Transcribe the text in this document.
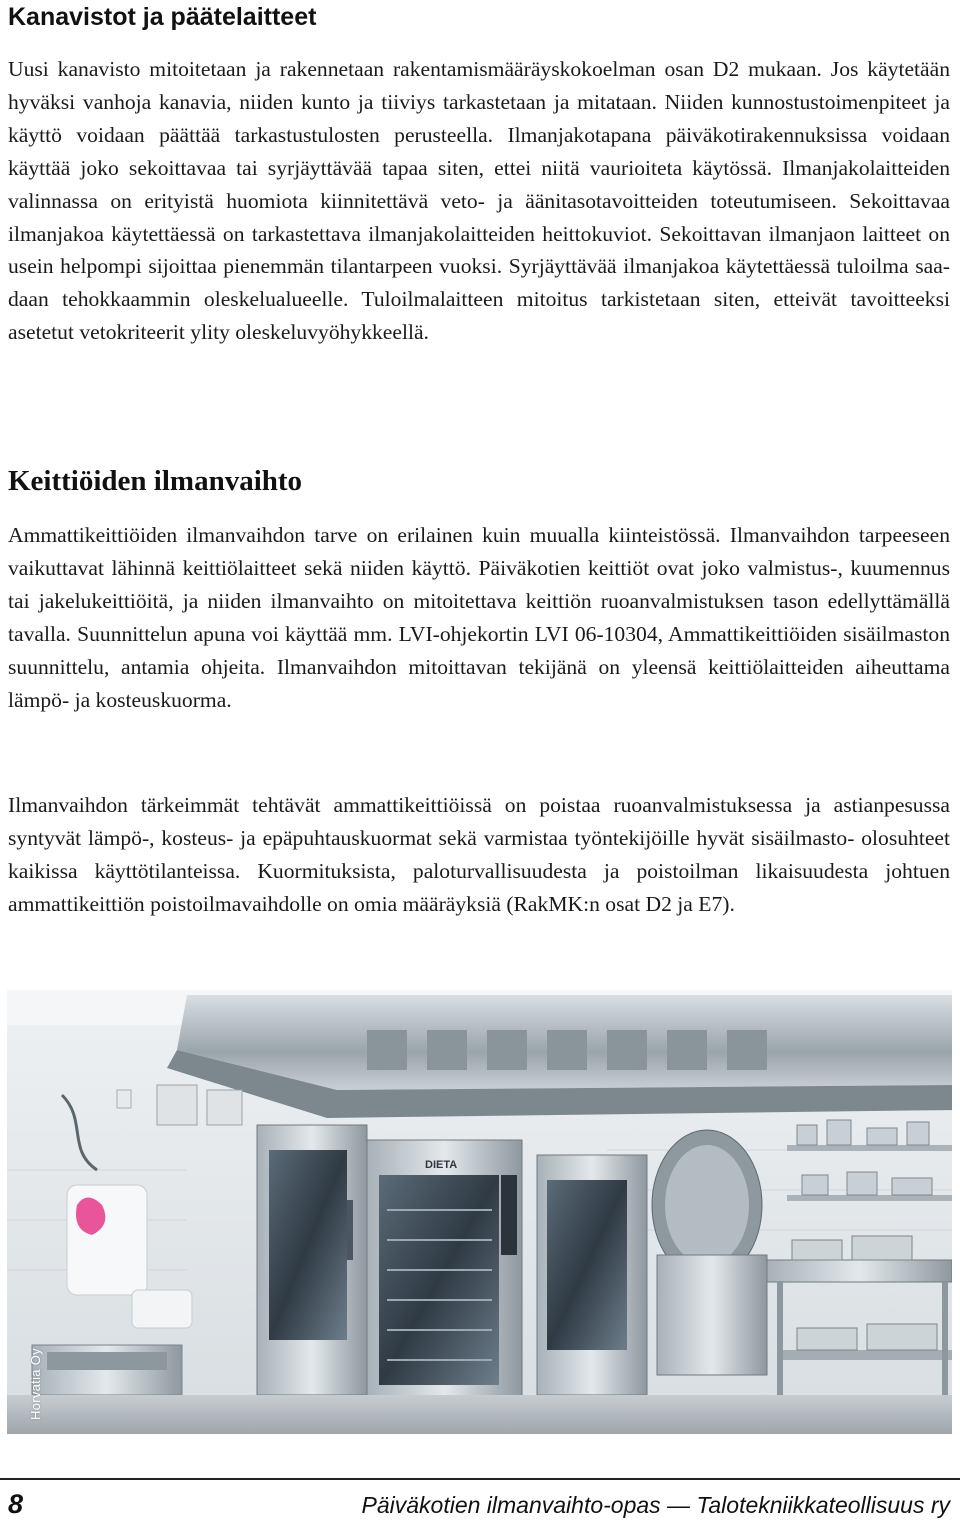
Kanavistot ja päätelaitteet

Uusi kanavisto mitoitetaan ja rakennetaan rakentamismääräyskokoelman osan D2 mukaan. Jos käytetään hyväksi vanhoja kanavia, niiden kunto ja tiiviys tarkastetaan ja mitataan. Niiden kunnostustoimenpiteet ja käyttö voidaan päättää tarkastustulosten perusteella. Ilmanjakotapana päiväkotirakennuksissa voidaan käyttää joko sekoittavaa tai syrjäyttävää tapaa siten, ettei niitä vaurioiteta käytössä. Ilmanjakolaitteiden valinnassa on erityistä huomiota kiinnitettävä veto- ja äänitasotavoitteiden toteutumiseen. Sekoittavaa ilmanjakoa käytettäessä on tarkastettava ilmanjakolaitteiden heittokuviot. Sekoittavan ilmanjaon laitteet on usein helpompi sijoittaa pienemmän tilantarpeen vuoksi. Syrjäyttävää ilmanjakoa käytettäessä tuloilma saadaan tehokkaammin oleskelualueelle. Tuloilmalaitteen mitoitus tarkistetaan siten, etteivät tavoitteeksi asetetut vetokriteerit ylity oleskeluvyöhykkeellä.

Keittiöiden ilmanvaihto

Ammattikeittiöiden ilmanvaihdon tarve on erilainen kuin muualla kiinteistössä. Ilmanvaihdon tarpeeseen vaikuttavat lähinnä keittiölaitteet sekä niiden käyttö. Päiväkotien keittiöt ovat joko valmistus-, kuumennus tai jakelukeittiöitä, ja niiden ilmanvaihto on mitoitettava keittiön ruoanvalmistuksen tason edellyttämällä tavalla. Suunnittelun apuna voi käyttää mm. LVI-ohjekortin LVI 06-10304, Ammattikeittiöiden sisäilmaston suunnittelu, antamia ohjeita. Ilmanvaihdon mitoittavan tekijänä on yleensä keittiölaitteiden aiheuttama lämpö- ja kosteuskuorma.

Ilmanvaihdon tärkeimmät tehtävät ammattikeittiöissä on poistaa ruoanvalmistuksessa ja astianpesussa syntyvät lämpö-, kosteus- ja epäpuhtauskuormat sekä varmistaa työntekijöille hyvät sisäilmasto- olosuhteet kaikissa käyttötilanteissa. Kuormituksista, paloturvallisuudesta ja poistoilman likaisuudesta johtuen ammattikeittiön poistoilmavaihdolle on omia määräyksiä (RakMK:n osat D2 ja E7).

DIETA
Horvatia Oy
8	Päiväkotien ilmanvaihto-opas — Talotekniikkateollisuus ry
